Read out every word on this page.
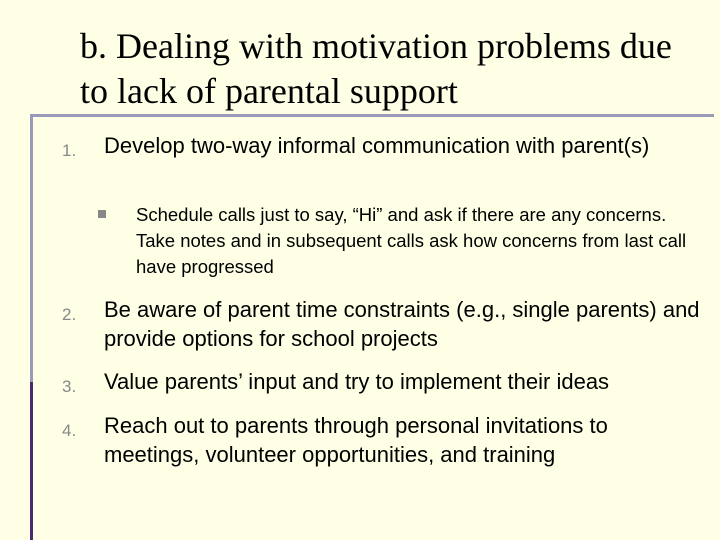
b. Dealing with motivation problems due to lack of parental support
1. Develop two-way informal communication with parent(s)
Schedule calls just to say, “Hi” and ask if there are any concerns. Take notes and in subsequent calls ask how concerns from last call have progressed
2. Be aware of parent time constraints (e.g., single parents) and provide options for school projects
3. Value parents’ input and try to implement their ideas
4. Reach out to parents through personal invitations to meetings, volunteer opportunities, and training
